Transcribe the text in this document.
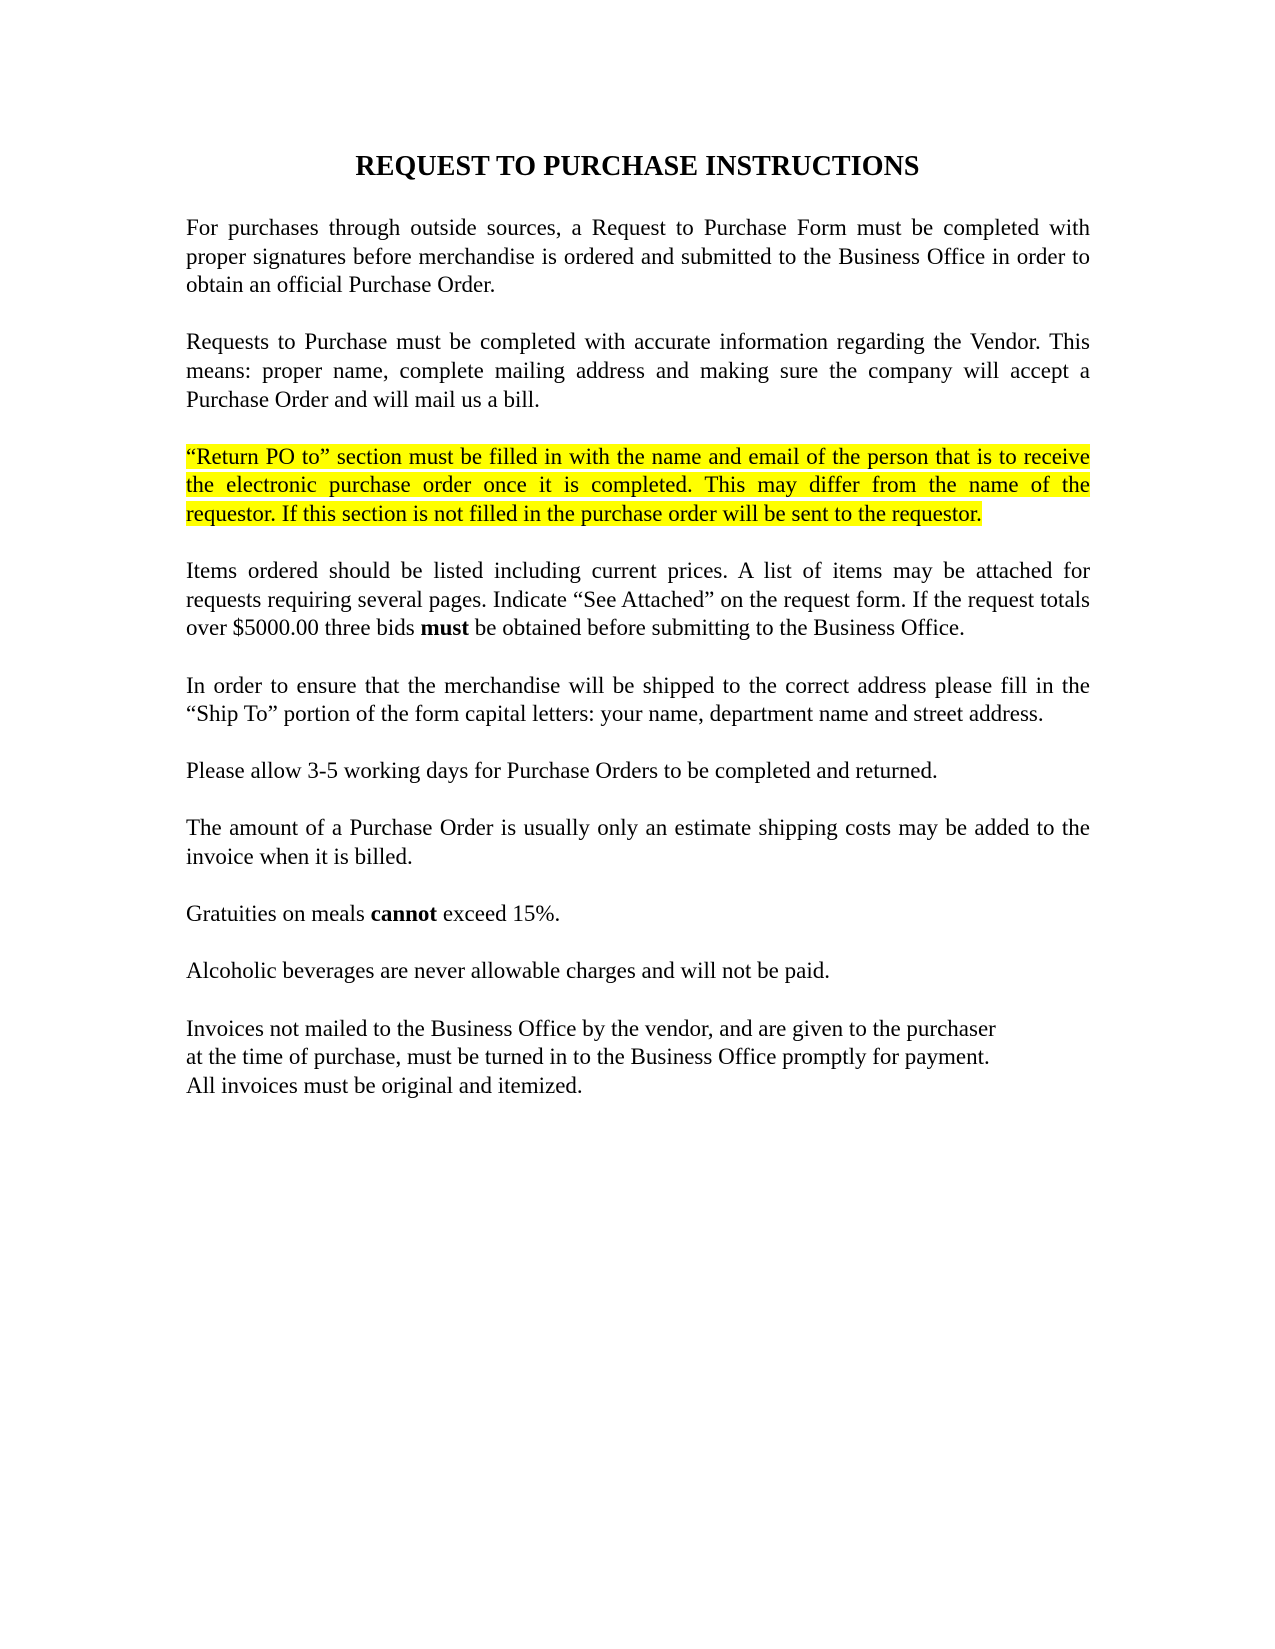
REQUEST TO PURCHASE INSTRUCTIONS

For purchases through outside sources, a Request to Purchase Form must be completed with proper signatures before merchandise is ordered and submitted to the Business Office in order to obtain an official Purchase Order.

Requests to Purchase must be completed with accurate information regarding the Vendor. This means: proper name, complete mailing address and making sure the company will accept a Purchase Order and will mail us a bill.

“Return PO to” section must be filled in with the name and email of the person that is to receive the electronic purchase order once it is completed. This may differ from the name of the requestor. If this section is not filled in the purchase order will be sent to the requestor.

Items ordered should be listed including current prices. A list of items may be attached for requests requiring several pages. Indicate “See Attached” on the request form. If the request totals over $5000.00 three bids must be obtained before submitting to the Business Office.

In order to ensure that the merchandise will be shipped to the correct address please fill in the “Ship To” portion of the form capital letters: your name, department name and street address.

Please allow 3-5 working days for Purchase Orders to be completed and returned.

The amount of a Purchase Order is usually only an estimate shipping costs may be added to the invoice when it is billed.

Gratuities on meals cannot exceed 15%.

Alcoholic beverages are never allowable charges and will not be paid.

Invoices not mailed to the Business Office by the vendor, and are given to the purchaser
at the time of purchase, must be turned in to the Business Office promptly for payment.
All invoices must be original and itemized.
